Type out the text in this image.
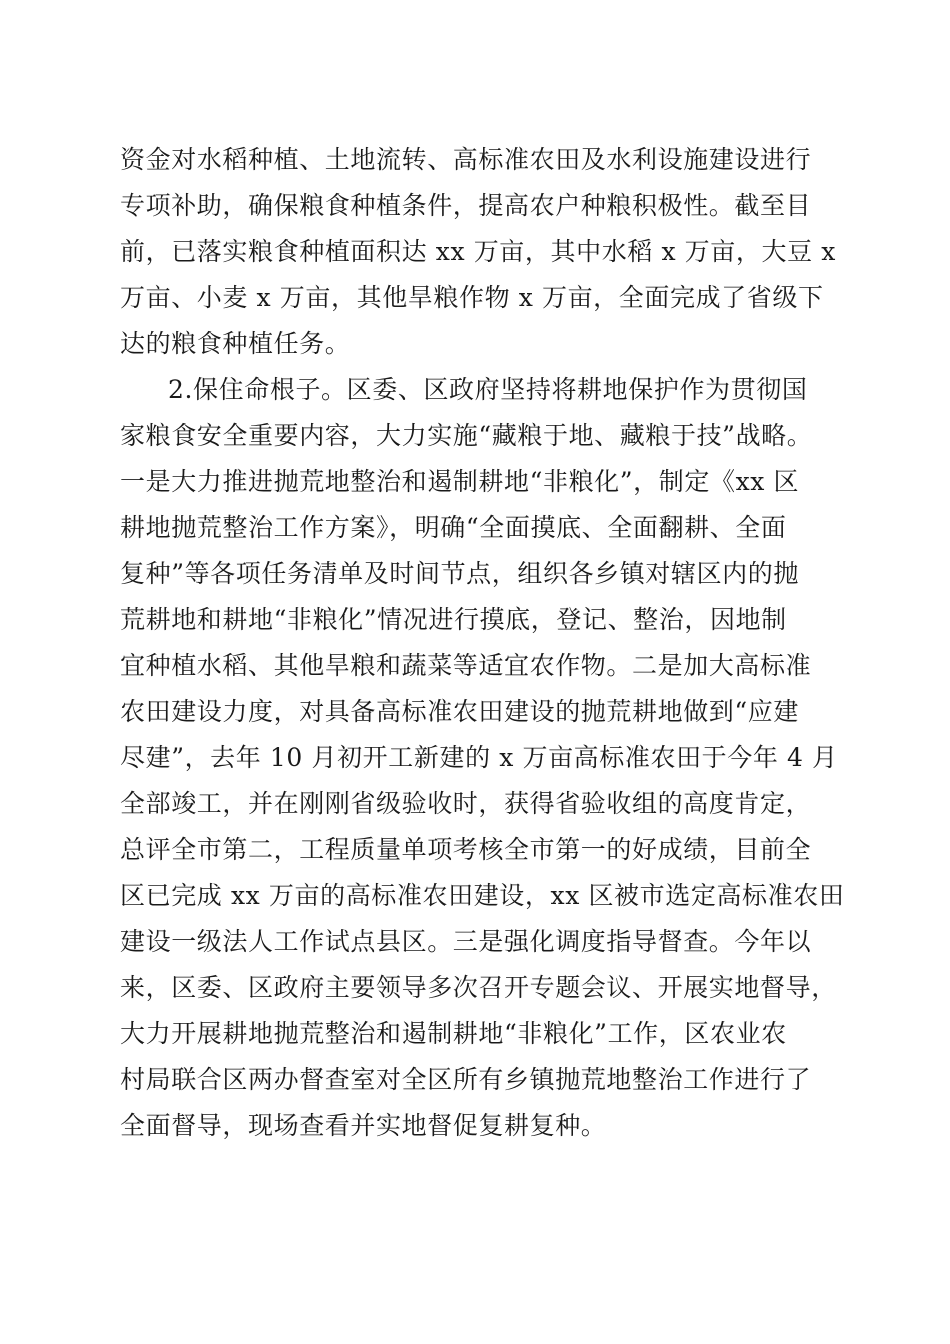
资金对水稻种植、土地流转、高标准农田及水利设施建设进行
专项补助，确保粮食种植条件，提高农户种粮积极性。截至目
前，已落实粮食种植面积达 xx 万亩，其中水稻 x 万亩，大豆 x
万亩、小麦 x 万亩，其他旱粮作物 x 万亩，全面完成了省级下
达的粮食种植任务。
2.保住命根子。区委、区政府坚持将耕地保护作为贯彻国
家粮食安全重要内容，大力实施“藏粮于地、藏粮于技”战略。
一是大力推进抛荒地整治和遏制耕地“非粮化”，制定《xx 区
耕地抛荒整治工作方案》，明确“全面摸底、全面翻耕、全面
复种”等各项任务清单及时间节点，组织各乡镇对辖区内的抛
荒耕地和耕地“非粮化”情况进行摸底，登记、整治，因地制
宜种植水稻、其他旱粮和蔬菜等适宜农作物。二是加大高标准
农田建设力度，对具备高标准农田建设的抛荒耕地做到“应建
尽建”，去年 10 月初开工新建的 x 万亩高标准农田于今年 4 月
全部竣工，并在刚刚省级验收时，获得省验收组的高度肯定，
总评全市第二，工程质量单项考核全市第一的好成绩，目前全
区已完成 xx 万亩的高标准农田建设，xx 区被市选定高标准农田
建设一级法人工作试点县区。三是强化调度指导督查。今年以
来，区委、区政府主要领导多次召开专题会议、开展实地督导，
大力开展耕地抛荒整治和遏制耕地“非粮化”工作，区农业农
村局联合区两办督查室对全区所有乡镇抛荒地整治工作进行了
全面督导，现场查看并实地督促复耕复种。
